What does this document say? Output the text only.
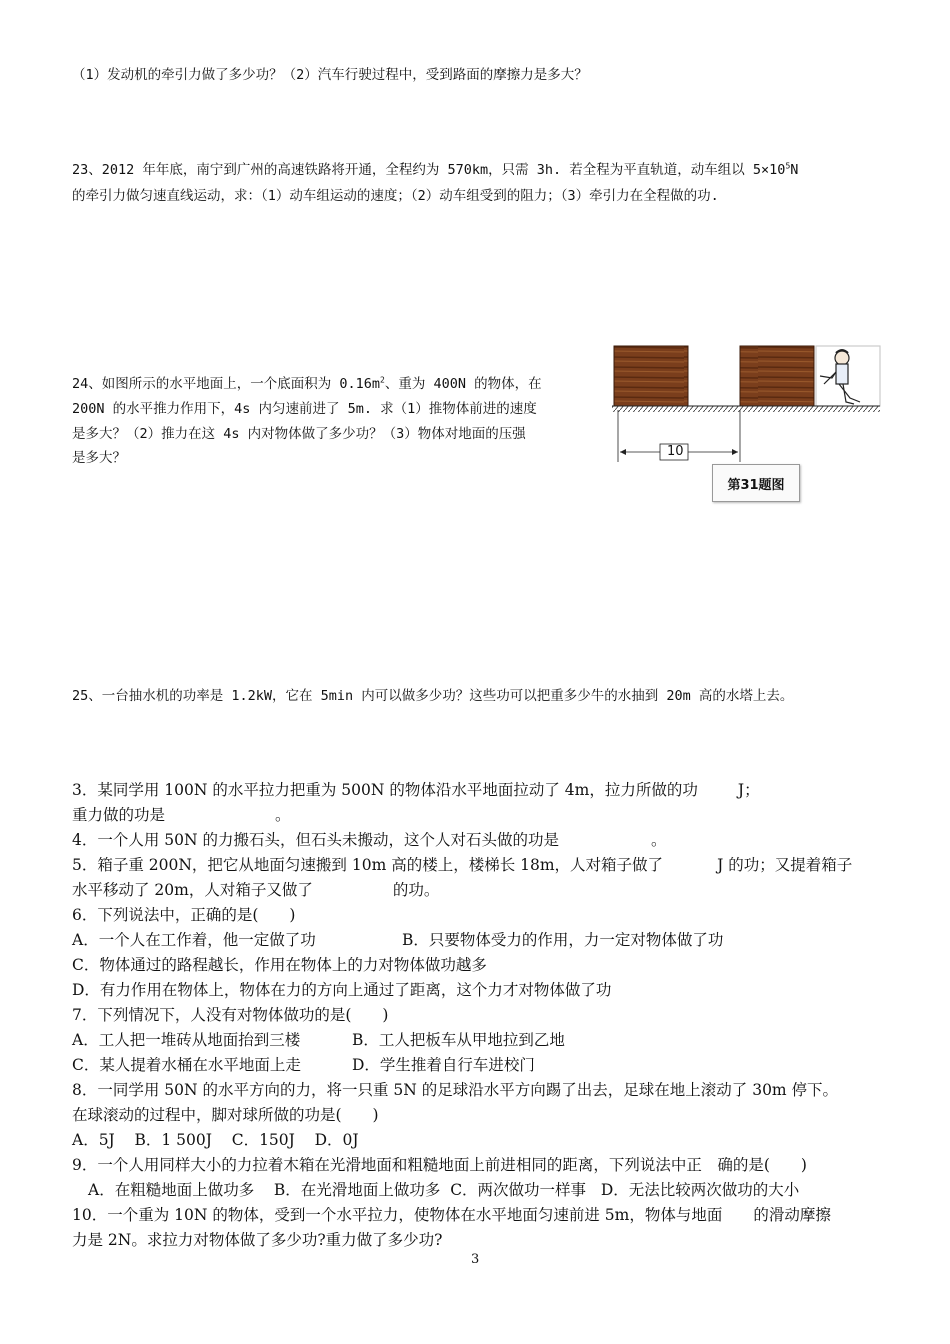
（1）发动机的牵引力做了多少功？（2）汽车行驶过程中，受到路面的摩擦力是多大？
23、2012 年年底，南宁到广州的高速铁路将开通，全程约为 570km，只需 3h. 若全程为平直轨道，动车组以 $5\times 10^5N$
的牵引力做匀速直线运动，求：（1）动车组运动的速度；（2）动车组受到的阻力；（3）牵引力在全程做的功.
24、如图所示的水平地面上，一个底面积为 $0.16m^2$、重为 400N 的物体，在
200N 的水平推力作用下，4s 内匀速前进了 5m. 求（1）推物体前进的速度
是多大？（2）推力在这 4s 内对物体做了多少功？（3）物体对地面的压强
是多大？	10
第31题图
25、一台抽水机的功率是 1.2kW，它在 5min 内可以做多少功？这些功可以把重多少牛的水抽到 20m 高的水塔上去。
3．某同学用 100N 的水平拉力把重为 500N 的物体沿水平地面拉动了 4m，拉力所做的功	J；
重力做的功是	。
4．一个人用 50N 的力搬石头，但石头未搬动，这个人对石头做的功是	。
5．箱子重 200N，把它从地面匀速搬到 10m 高的楼上，楼梯长 18m，人对箱子做了	J 的功；又提着箱子
水平移动了 20m，人对箱子又做了	的功。
6．下列说法中，正确的是(　　)
A．一个人在工作着，他一定做了功	B．只要物体受力的作用，力一定对物体做了功
C．物体通过的路程越长，作用在物体上的力对物体做功越多
D．有力作用在物体上，物体在力的方向上通过了距离，这个力才对物体做了功
7．下列情况下，人没有对物体做功的是(　　)
A．工人把一堆砖从地面抬到三楼	B．工人把板车从甲地拉到乙地
C．某人提着水桶在水平地面上走	D．学生推着自行车进校门
8．一同学用 50N 的水平方向的力，将一只重 5N 的足球沿水平方向踢了出去，足球在地上滚动了 30m 停下。
在球滚动的过程中，脚对球所做的功是(　　)
A．5J B．1 500J C．150J D．0J
9．一个人用同样大小的力拉着木箱在光滑地面和粗糙地面上前进相同的距离，下列说法中正　确的是(　　)
A．在粗糙地面上做功多 B．在光滑地面上做功多 C．两次做功一样事 D．无法比较两次做功的大小
10．一个重为 10N 的物体，受到一个水平拉力，使物体在水平地面匀速前进 5m，物体与地面　　的滑动摩擦
力是 2N。求拉力对物体做了多少功?重力做了多少功?
3
